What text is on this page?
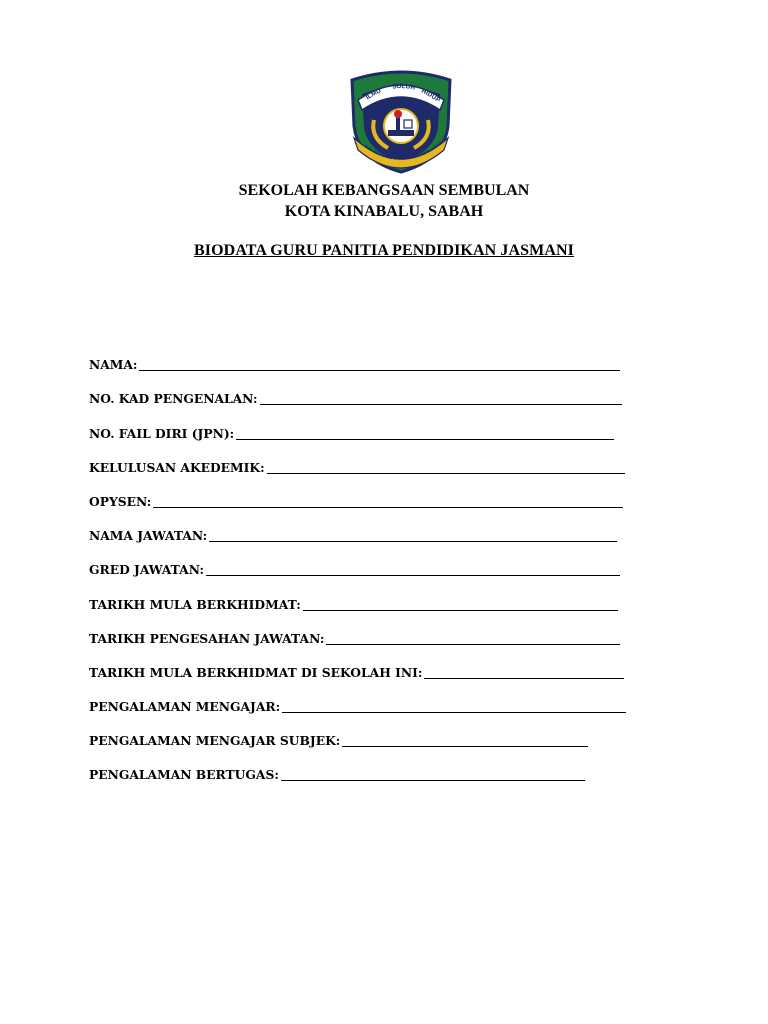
ILMU
SULUH HIDUP
S.K. SEMBULAN KOTA KINABALU SAB
SEKOLAH KEBANGSAAN SEMBULAN
KOTA KINABALU, SABAH
BIODATA GURU PANITIA PENDIDIKAN JASMANI
NAMA:
NO. KAD PENGENALAN:
NO. FAIL DIRI (JPN):
KELULUSAN AKEDEMIK:
OPYSEN:
NAMA JAWATAN:
GRED JAWATAN:
TARIKH MULA BERKHIDMAT:
TARIKH PENGESAHAN JAWATAN:
TARIKH MULA BERKHIDMAT DI SEKOLAH INI:
PENGALAMAN MENGAJAR:
PENGALAMAN MENGAJAR SUBJEK:
PENGALAMAN BERTUGAS:
